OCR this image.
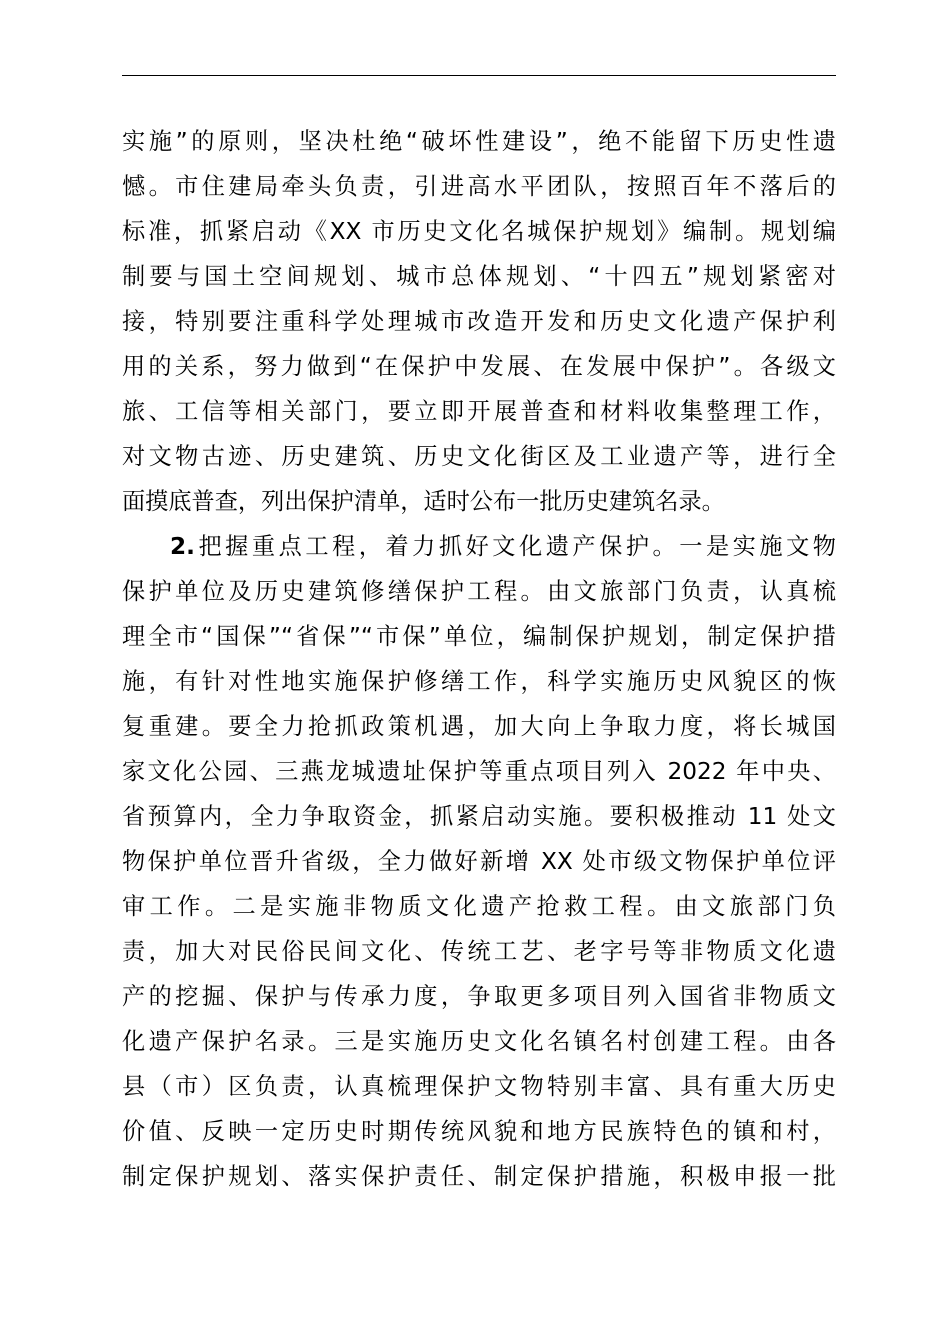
实施”的原则，坚决杜绝“破坏性建设”，绝不能留下历史性遗
憾。市住建局牵头负责，引进高水平团队，按照百年不落后的
标准，抓紧启动《XX 市历史文化名城保护规划》编制。规划编
制要与国土空间规划、城市总体规划、“十四五”规划紧密对
接，特别要注重科学处理城市改造开发和历史文化遗产保护利
用的关系，努力做到“在保护中发展、在发展中保护”。各级文
旅、工信等相关部门，要立即开展普查和材料收集整理工作，
对文物古迹、历史建筑、历史文化街区及工业遗产等，进行全
面摸底普查，列出保护清单，适时公布一批历史建筑名录。
2.把握重点工程，着力抓好文化遗产保护。一是实施文物
保护单位及历史建筑修缮保护工程。由文旅部门负责，认真梳
理全市“国保”“省保”“市保”单位，编制保护规划，制定保护措
施，有针对性地实施保护修缮工作，科学实施历史风貌区的恢
复重建。要全力抢抓政策机遇，加大向上争取力度，将长城国
家文化公园、三燕龙城遗址保护等重点项目列入 2022 年中央、
省预算内，全力争取资金，抓紧启动实施。要积极推动 11 处文
物保护单位晋升省级，全力做好新增 XX 处市级文物保护单位评
审工作。二是实施非物质文化遗产抢救工程。由文旅部门负
责，加大对民俗民间文化、传统工艺、老字号等非物质文化遗
产的挖掘、保护与传承力度，争取更多项目列入国省非物质文
化遗产保护名录。三是实施历史文化名镇名村创建工程。由各
县（市）区负责，认真梳理保护文物特别丰富、具有重大历史
价值、反映一定历史时期传统风貌和地方民族特色的镇和村，
制定保护规划、落实保护责任、制定保护措施，积极申报一批
